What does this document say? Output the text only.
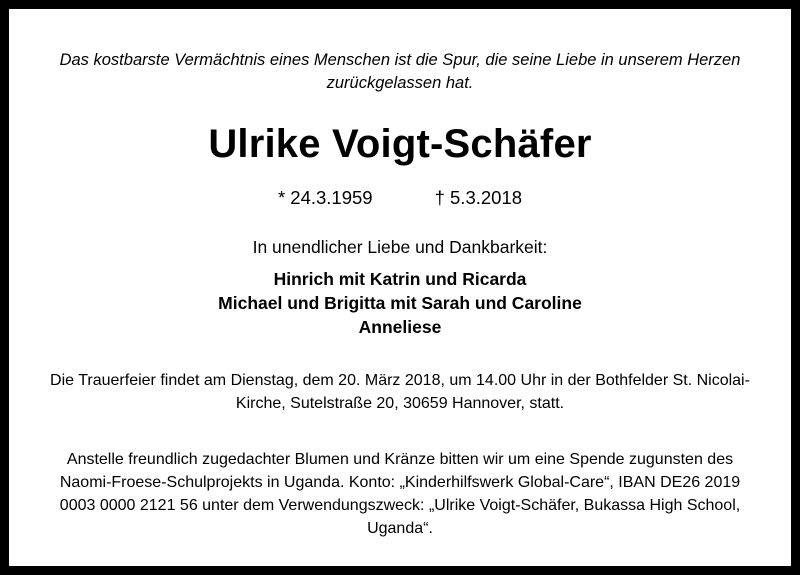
Das kostbarste Vermächtnis eines Menschen ist die Spur, die seine Liebe in unserem Herzen zurückgelassen hat.

Ulrike Voigt-Schäfer
* 24.3.1959	† 5.3.2018

In unendlicher Liebe und Dankbarkeit:

Hinrich mit Katrin und Ricarda
Michael und Brigitta mit Sarah und Caroline
Anneliese

Die Trauerfeier findet am Dienstag, dem 20. März 2018, um 14.00 Uhr in der Bothfelder St. Nicolai-Kirche, Sutelstraße 20, 30659 Hannover, statt.

Anstelle freundlich zugedachter Blumen und Kränze bitten wir um eine Spende zugunsten des Naomi-Froese-Schulprojekts in Uganda. Konto: „Kinderhilfswerk Global-Care“, IBAN DE26 2019 0003 0000 2121 56 unter dem Verwendungszweck: „Ulrike Voigt-Schäfer, Bukassa High School, Uganda“.
